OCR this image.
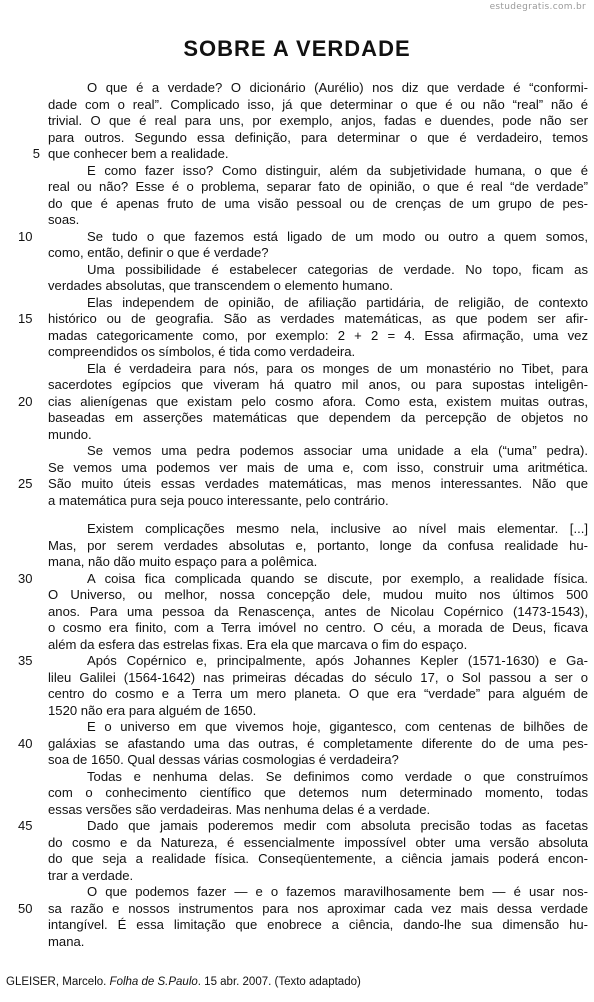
estudegratis.com.br
SOBRE A VERDADE
O que é a verdade? O dicionário (Aurélio) nos diz que verdade é “conformi-
dade com o real”. Complicado isso, já que determinar o que é ou não “real” não é
trivial. O que é real para uns, por exemplo, anjos, fadas e duendes, pode não ser
para outros. Segundo essa definição, para determinar o que é verdadeiro, temos
5 que conhecer bem a realidade.
E como fazer isso? Como distinguir, além da subjetividade humana, o que é
real ou não? Esse é o problema, separar fato de opinião, o que é real “de verdade”
do que é apenas fruto de uma visão pessoal ou de crenças de um grupo de pes-
soas.
10	Se tudo o que fazemos está ligado de um modo ou outro a quem somos,
como, então, definir o que é verdade?
Uma possibilidade é estabelecer categorias de verdade. No topo, ficam as
verdades absolutas, que transcendem o elemento humano.
Elas independem de opinião, de afiliação partidária, de religião, de contexto
15	histórico ou de geografia. São as verdades matemáticas, as que podem ser afir-
madas categoricamente como, por exemplo: 2 + 2 = 4. Essa afirmação, uma vez
compreendidos os símbolos, é tida como verdadeira.
Ela é verdadeira para nós, para os monges de um monastério no Tibet, para
sacerdotes egípcios que viveram há quatro mil anos, ou para supostas inteligên-
20	cias alienígenas que existam pelo cosmo afora. Como esta, existem muitas outras,
baseadas em asserções matemáticas que dependem da percepção de objetos no
mundo.
Se vemos uma pedra podemos associar uma unidade a ela (“uma” pedra).
Se vemos uma podemos ver mais de uma e, com isso, construir uma aritmética.
25	São muito úteis essas verdades matemáticas, mas menos interessantes. Não que
a matemática pura seja pouco interessante, pelo contrário.
Existem complicações mesmo nela, inclusive ao nível mais elementar. [...]
Mas, por serem verdades absolutas e, portanto, longe da confusa realidade hu-
mana, não dão muito espaço para a polêmica.
30	A coisa fica complicada quando se discute, por exemplo, a realidade física.
O Universo, ou melhor, nossa concepção dele, mudou muito nos últimos 500
anos. Para uma pessoa da Renascença, antes de Nicolau Copérnico (1473-1543),
o cosmo era finito, com a Terra imóvel no centro. O céu, a morada de Deus, ficava
além da esfera das estrelas fixas. Era ela que marcava o fim do espaço.
35	Após Copérnico e, principalmente, após Johannes Kepler (1571-1630) e Ga-
lileu Galilei (1564-1642) nas primeiras décadas do século 17, o Sol passou a ser o
centro do cosmo e a Terra um mero planeta. O que era “verdade” para alguém de
1520 não era para alguém de 1650.
E o universo em que vivemos hoje, gigantesco, com centenas de bilhões de
40	galáxias se afastando uma das outras, é completamente diferente do de uma pes-
soa de 1650. Qual dessas várias cosmologias é verdadeira?
Todas e nenhuma delas. Se definimos como verdade o que construímos
com o conhecimento científico que detemos num determinado momento, todas
essas versões são verdadeiras. Mas nenhuma delas é a verdade.
45	Dado que jamais poderemos medir com absoluta precisão todas as facetas
do cosmo e da Natureza, é essencialmente impossível obter uma versão absoluta
do que seja a realidade física. Conseqüentemente, a ciência jamais poderá encon-
trar a verdade.
O que podemos fazer — e o fazemos maravilhosamente bem — é usar nos-
50	sa razão e nossos instrumentos para nos aproximar cada vez mais dessa verdade
intangível. É essa limitação que enobrece a ciência, dando-lhe sua dimensão hu-
mana.
GLEISER, Marcelo. Folha de S.Paulo. 15 abr. 2007. (Texto adaptado)
